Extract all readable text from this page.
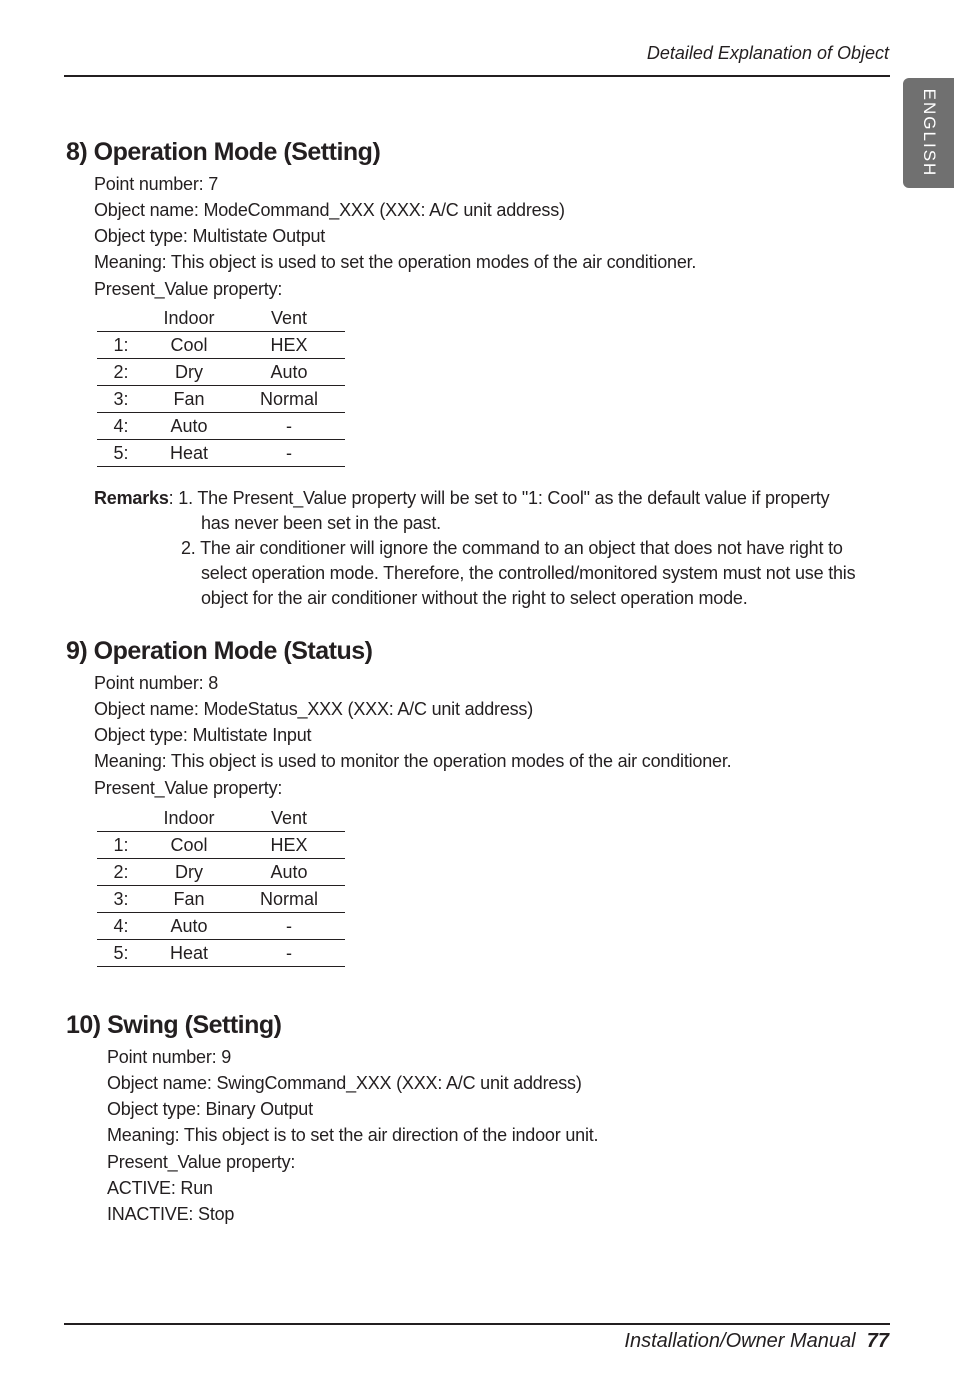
Detailed Explanation of Object
ENGLISH
8) Operation Mode (Setting)
Point number: 7
Object name: ModeCommand_XXX (XXX: A/C unit address)
Object type: Multistate Output
Meaning: This object is used to set the operation modes of the air conditioner.
Present_Value property:
	Indoor	Vent
1:	Cool	HEX
2:	Dry	Auto
3:	Fan	Normal
4:	Auto	-
5:	Heat	-
Remarks: 1. The Present_Value property will be set to "1: Cool" as the default value if property
has never been set in the past.
2. The air conditioner will ignore the command to an object that does not have right to
select operation mode. Therefore, the controlled/monitored system must not use this
object for the air conditioner without the right to select operation mode.
9) Operation Mode (Status)
Point number: 8
Object name: ModeStatus_XXX (XXX: A/C unit address)
Object type: Multistate Input
Meaning: This object is used to monitor the operation modes of the air conditioner.
Present_Value property:
	Indoor	Vent
1:	Cool	HEX
2:	Dry	Auto
3:	Fan	Normal
4:	Auto	-
5:	Heat	-
10) Swing (Setting)
Point number: 9
Object name: SwingCommand_XXX (XXX: A/C unit address)
Object type: Binary Output
Meaning: This object is to set the air direction of the indoor unit.
Present_Value property:
ACTIVE: Run
INACTIVE: Stop
Installation/Owner Manual 77
